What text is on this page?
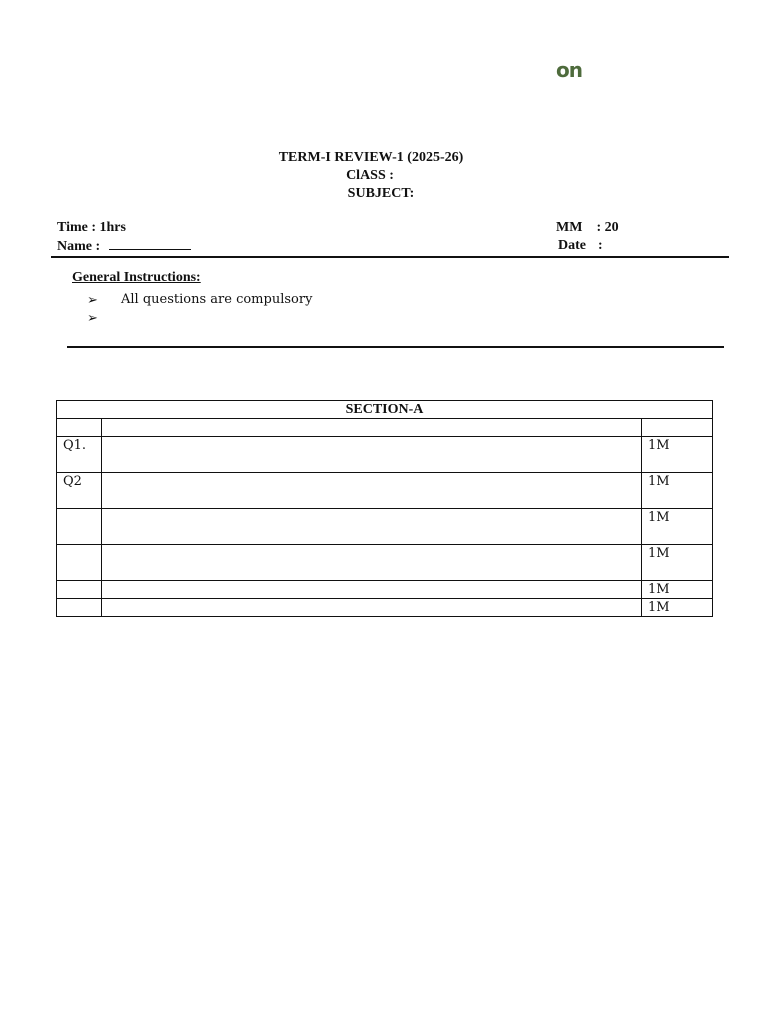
on
TERM-I REVIEW-1 (2025-26)
ClASS :
SUBJECT:
Time : 1hrs
Name :
MM : 20
Date :
General Instructions:
➢ All questions are compulsory
➢
SECTION-A		

Q1.		1M
Q2		1M
		1M
		1M
		1M
		1M
